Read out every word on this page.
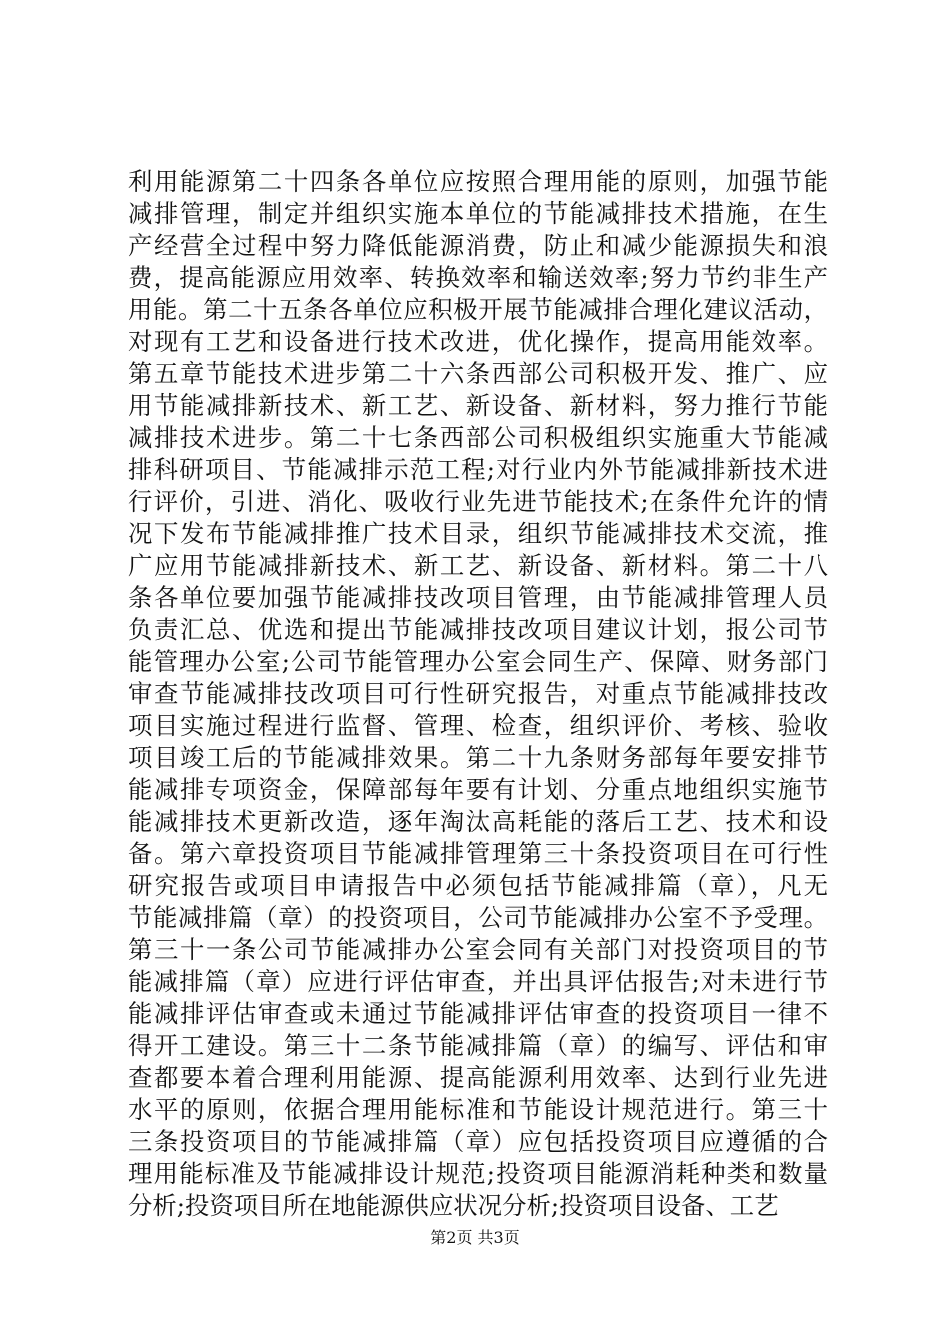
利用能源第二十四条各单位应按照合理用能的原则，加强节能
减排管理，制定并组织实施本单位的节能减排技术措施，在生
产经营全过程中努力降低能源消费，防止和减少能源损失和浪
费，提高能源应用效率、转换效率和输送效率;努力节约非生产
用能。第二十五条各单位应积极开展节能减排合理化建议活动，
对现有工艺和设备进行技术改进，优化操作，提高用能效率。
第五章节能技术进步第二十六条西部公司积极开发、推广、应
用节能减排新技术、新工艺、新设备、新材料，努力推行节能
减排技术进步。第二十七条西部公司积极组织实施重大节能减
排科研项目、节能减排示范工程;对行业内外节能减排新技术进
行评价，引进、消化、吸收行业先进节能技术;在条件允许的情
况下发布节能减排推广技术目录，组织节能减排技术交流，推
广应用节能减排新技术、新工艺、新设备、新材料。第二十八
条各单位要加强节能减排技改项目管理，由节能减排管理人员
负责汇总、优选和提出节能减排技改项目建议计划，报公司节
能管理办公室;公司节能管理办公室会同生产、保障、财务部门
审查节能减排技改项目可行性研究报告，对重点节能减排技改
项目实施过程进行监督、管理、检查，组织评价、考核、验收
项目竣工后的节能减排效果。第二十九条财务部每年要安排节
能减排专项资金，保障部每年要有计划、分重点地组织实施节
能减排技术更新改造，逐年淘汰高耗能的落后工艺、技术和设
备。第六章投资项目节能减排管理第三十条投资项目在可行性
研究报告或项目申请报告中必须包括节能减排篇（章），凡无
节能减排篇（章）的投资项目，公司节能减排办公室不予受理。
第三十一条公司节能减排办公室会同有关部门对投资项目的节
能减排篇（章）应进行评估审查，并出具评估报告;对未进行节
能减排评估审查或未通过节能减排评估审查的投资项目一律不
得开工建设。第三十二条节能减排篇（章）的编写、评估和审
查都要本着合理利用能源、提高能源利用效率、达到行业先进
水平的原则，依据合理用能标准和节能设计规范进行。第三十
三条投资项目的节能减排篇（章）应包括投资项目应遵循的合
理用能标准及节能减排设计规范;投资项目能源消耗种类和数量
分析;投资项目所在地能源供应状况分析;投资项目设备、工艺
第2页 共3页
